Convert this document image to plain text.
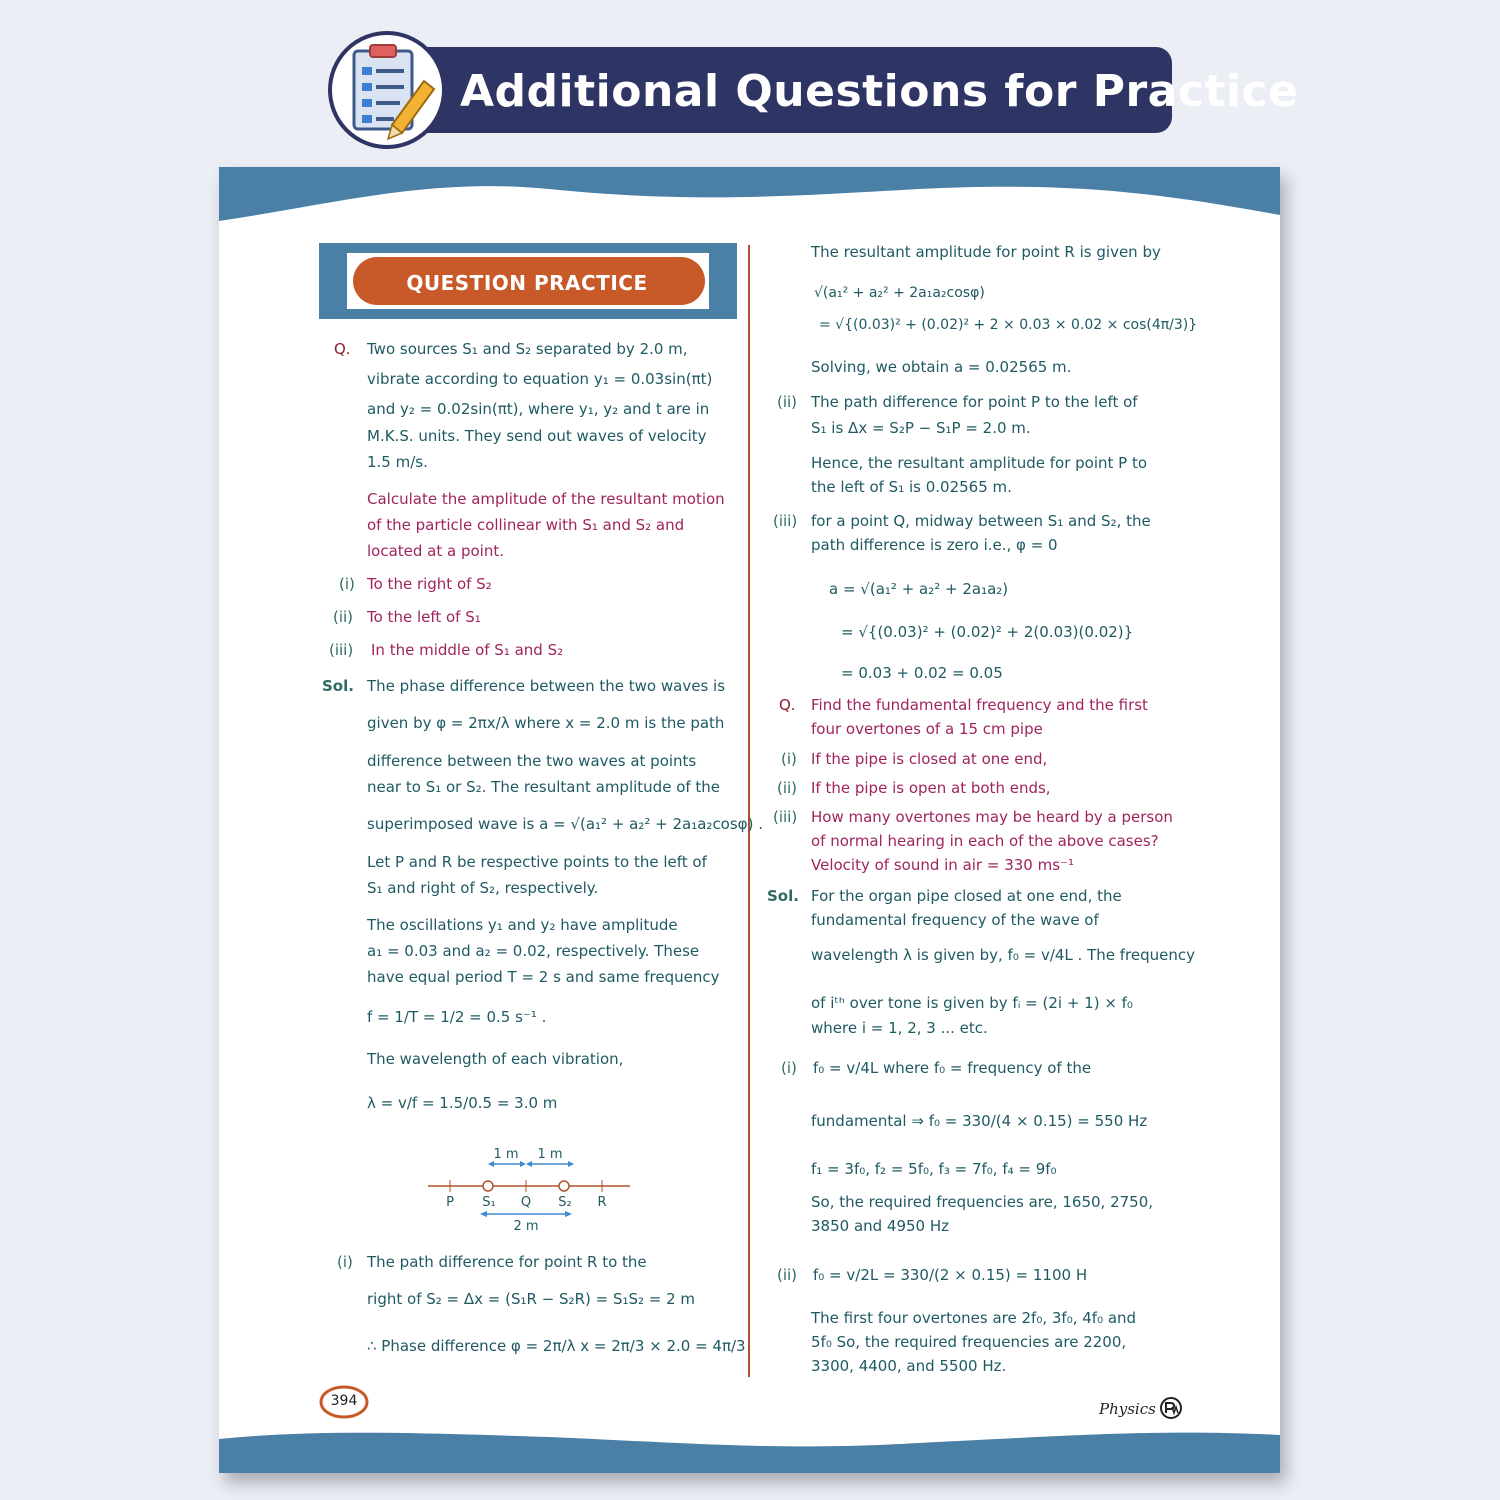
Additional Questions for Practice
QUESTION PRACTICE
Q. Two sources S₁ and S₂ separated by 2.0 m,
vibrate according to equation y₁ = 0.03sin(πt)
and y₂ = 0.02sin(πt), where y₁, y₂ and t are in
M.K.S. units. They send out waves of velocity
1.5 m/s.
Calculate the amplitude of the resultant motion
of the particle collinear with S₁ and S₂ and
located at a point.
(i) To the right of S₂
(ii) To the left of S₁
(iii) In the middle of S₁ and S₂
Sol. The phase difference between the two waves is
given by φ = 2πx/λ where x = 2.0 m is the path
difference between the two waves at points
near to S₁ or S₂. The resultant amplitude of the
superimposed wave is a = √(a₁² + a₂² + 2a₁a₂cosφ) .
Let P and R be respective points to the left of
S₁ and right of S₂, respectively.
The oscillations y₁ and y₂ have amplitude
a₁ = 0.03 and a₂ = 0.02, respectively. These
have equal period T = 2 s and same frequency
f = 1/T = 1/2 = 0.5 s⁻¹ .
The wavelength of each vibration,
λ = v/f = 1.5/0.5 = 3.0 m
1 m 1 m
P S₁ Q S₂ R
2 m
(i) The path difference for point R to the
right of S₂ = Δx = (S₁R − S₂R) = S₁S₂ = 2 m
∴ Phase difference φ = 2π/λ x = 2π/3 × 2.0 = 4π/3
The resultant amplitude for point R is given by
√(a₁² + a₂² + 2a₁a₂cosφ)
= √{(0.03)² + (0.02)² + 2 × 0.03 × 0.02 × cos(4π/3)}
Solving, we obtain a = 0.02565 m.
(ii) The path difference for point P to the left of
S₁ is Δx = S₂P − S₁P = 2.0 m.
Hence, the resultant amplitude for point P to
the left of S₁ is 0.02565 m.
(iii) for a point Q, midway between S₁ and S₂, the
path difference is zero i.e., φ = 0
a = √(a₁² + a₂² + 2a₁a₂)
= √{(0.03)² + (0.02)² + 2(0.03)(0.02)}
= 0.03 + 0.02 = 0.05
Q. Find the fundamental frequency and the first
four overtones of a 15 cm pipe
(i) If the pipe is closed at one end,
(ii) If the pipe is open at both ends,
(iii) How many overtones may be heard by a person
of normal hearing in each of the above cases?
Velocity of sound in air = 330 ms⁻¹
Sol. For the organ pipe closed at one end, the
fundamental frequency of the wave of
wavelength λ is given by, f₀ = v/4L . The frequency
of iᵗʰ over tone is given by fᵢ = (2i + 1) × f₀
where i = 1, 2, 3 ... etc.
(i) f₀ = v/4L where f₀ = frequency of the
fundamental ⇒ f₀ = 330/(4 × 0.15) = 550 Hz
f₁ = 3f₀, f₂ = 5f₀, f₃ = 7f₀, f₄ = 9f₀
So, the required frequencies are, 1650, 2750,
3850 and 4950 Hz
(ii) f₀ = v/2L = 330/(2 × 0.15) = 1100 H
The first four overtones are 2f₀, 3f₀, 4f₀ and
5f₀ So, the required frequencies are 2200,
3300, 4400, and 5500 Hz.
394	Physics
